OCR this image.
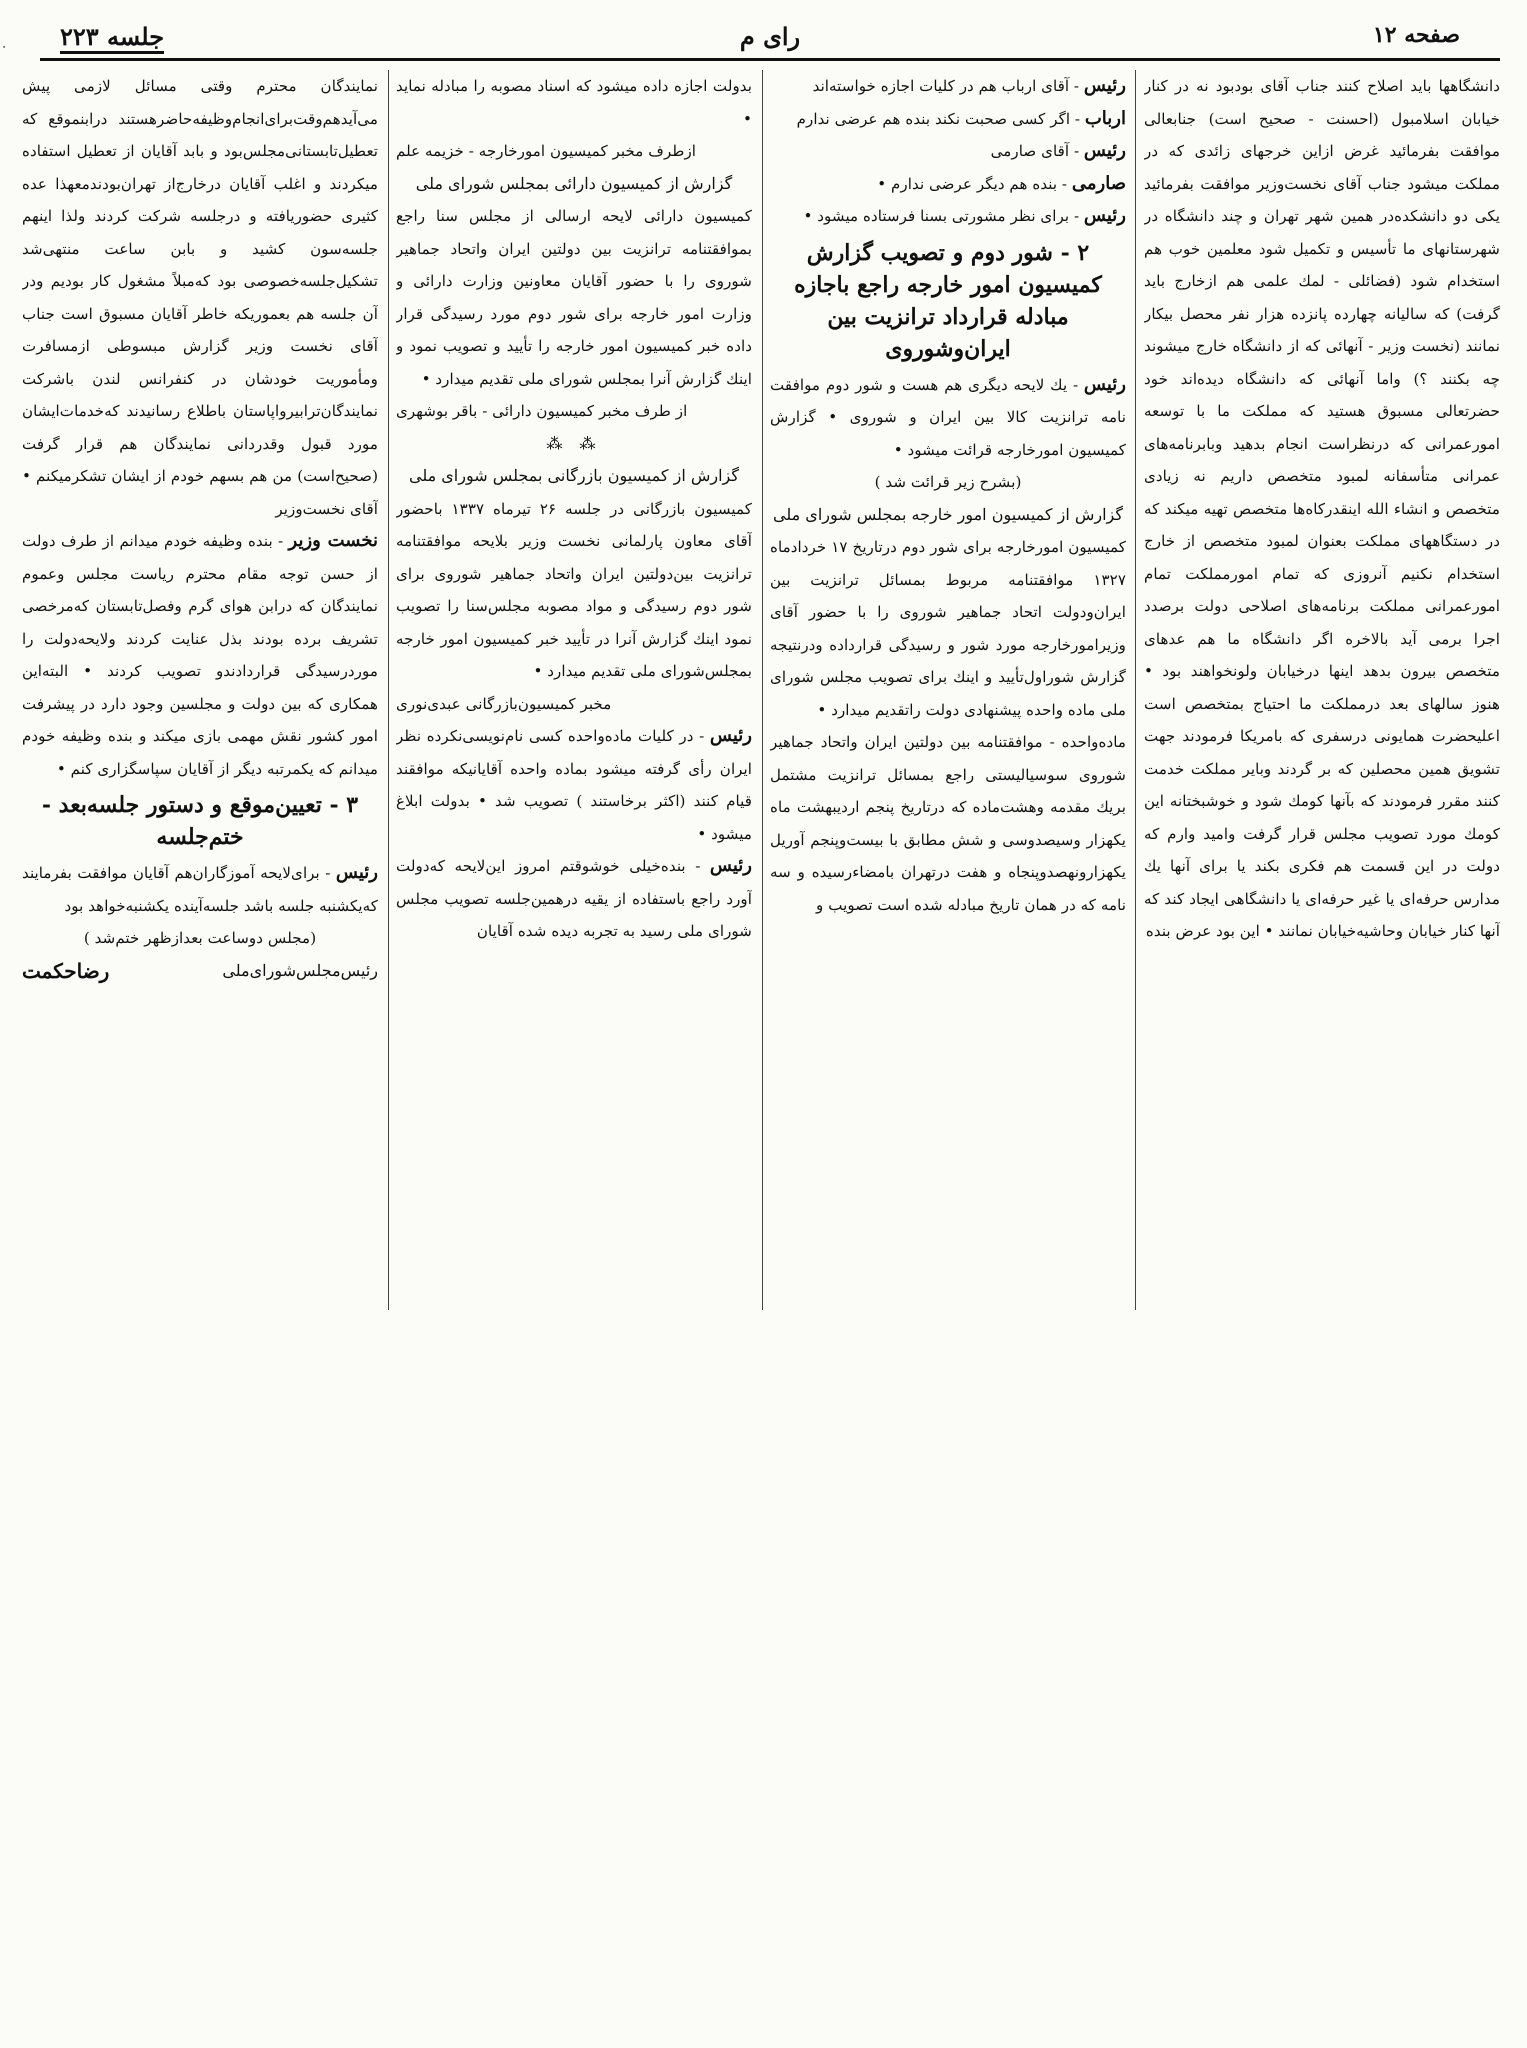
صفحه ۱۲
رای م
جلسه ۲۲۳
ᐧ

دانشگاهها باید اصلاح کنند جناب آقای بودبود نه در کنار خیابان اسلامبول (احسنت - صحیح است) جنابعالی موافقت بفرمائید غرض ازاین خرجهای زائدی که در مملکت میشود جناب آقای نخست‌وزیر موافقت بفرمائید یکی دو دانشکده‌در همین شهر تهران و چند دانشگاه در شهرستانهای ما تأسیس و تکمیل شود معلمین خوب هم استخدام شود (فضائلی - لمك علمی هم ازخارج باید گرفت) که سالیانه چهارده پانزده هزار نفر محصل بیکار نمانند (نخست وزیر - آنهائی که از دانشگاه خارج میشوند چه بکنند ؟) واما آنهائی که دانشگاه دیده‌اند خود حضرتعالی مسبوق هستید که مملکت ما با توسعه امورعمرانی که درنظراست انجام بدهید وبابرنامه‌های عمرانی متأسفانه لمبود متخصص داریم نه زیادی متخصص و انشاء الله اینقدرکاه‌ها متخصص تهیه میکند که در دستگاههای مملکت بعنوان لمبود متخصص از خارج استخدام نکنیم آنروزی که تمام امورمملکت تمام امورعمرانی مملکت برنامه‌های اصلاحی دولت برصدد اجرا برمی آید بالاخره اگر دانشگاه ما هم عدهای متخصص بیرون بدهد اینها درخیابان ولونخواهند بود • هنوز سالهای بعد درمملکت ما احتیاج بمتخصص است اعلیحضرت همایونی درسفری که بامریکا فرمودند جهت تشویق همین محصلین که بر گردند وبایر مملکت خدمت کنند مقرر فرمودند که بآنها کومك شود و خوشبختانه این کومك مورد تصویب مجلس قرار گرفت وامید وارم که دولت در این قسمت هم فکری بکند یا برای آنها یك مدارس حرفه‌ای یا غیر حرفه‌ای یا دانشگاهی ایجاد کند که آنها کنار خیابان وحاشیه‌خیابان نمانند • این بود عرض بنده

رئیس - آقای ارباب هم در کلیات اجازه خواسته‌اند

ارباب - اگر کسی صحبت نکند بنده هم عرضی ندارم

رئیس - آقای صارمی

صارمی - بنده هم دیگر عرضی ندارم •

رئیس - برای نظر مشورتی بسنا فرستاده میشود •

۲ - شور دوم و تصویب گزارش کمیسیون امور خارجه راجع باجازه مبادله قرارداد ترانزیت بین ایران‌وشوروی

رئیس - یك لایحه دیگری هم هست و شور دوم موافقت نامه ترانزیت کالا بین ایران و شوروی • گزارش کمیسیون امورخارجه قرائت میشود •

(بشرح زیر قرائت شد )

گزارش از کمیسیون امور خارجه بمجلس شورای ملی

کمیسیون امورخارجه برای شور دوم درتاریخ ۱۷ خردادماه ۱۳۲۷ موافقتنامه مربوط بمسائل ترانزیت بین ایران‌ودولت اتحاد جماهیر شوروی را با حضور آقای وزیرامورخارجه مورد شور و رسیدگی قرارداده ودرنتیجه گزارش شوراول‌تأیید و اینك برای تصویب مجلس شورای ملی ماده واحده پیشنهادی دولت راتقدیم میدارد •

ماده‌واحده - موافقتنامه بین دولتین ایران واتحاد جماهیر شوروی سوسیالیستی راجع بمسائل ترانزیت مشتمل بریك مقدمه وهشت‌ماده که درتاریخ پنجم اردیبهشت ماه یکهزار وسیصدوسی و شش مطابق با بیست‌وپنجم آوریل یکهزارونهصدوپنجاه و هفت درتهران بامضاءرسیده و سه نامه که در همان تاریخ مبادله شده است تصویب و

بدولت اجازه داده میشود که اسناد مصوبه را مبادله نماید •

ازطرف مخبر کمیسیون امورخارجه - خزیمه علم

گزارش از کمیسیون دارائی بمجلس شورای ملی

کمیسیون دارائی لایحه ارسالی از مجلس سنا راجع بموافقتنامه ترانزیت بین دولتین ایران واتحاد جماهیر شوروی را با حضور آقایان معاونین وزارت دارائی و وزارت امور خارجه برای شور دوم مورد رسیدگی قرار داده خبر کمیسیون امور خارجه را تأیید و تصویب نمود و اینك گزارش آنرا بمجلس شورای ملی تقدیم میدارد •

از طرف مخبر کمیسیون دارائی - باقر بوشهری

⁂ ⁂

گزارش از کمیسیون بازرگانی بمجلس شورای ملی

کمیسیون بازرگانی در جلسه ۲۶ تیرماه ۱۳۳۷ باحضور آقای معاون پارلمانی نخست وزیر بلایحه موافقتنامه ترانزیت بین‌دولتین ایران واتحاد جماهیر شوروی برای شور دوم رسیدگی و مواد مصوبه مجلس‌سنا را تصویب نمود اینك گزارش آنرا در تأیید خبر کمیسیون امور خارجه بمجلس‌شورای ملی تقدیم میدارد •

مخبر کمیسیون‌بازرگانی عبدی‌نوری

رئیس - در کلیات ماده‌واحده کسی نام‌نویسی‌نکرده نظر ایران رأی گرفته میشود بماده واحده آقایانیکه موافقند قیام کنند (اکثر برخاستند ) تصویب شد • بدولت ابلاغ میشود •

رئیس - بنده‌خیلی خوشوقتم امروز این‌لایحه که‌دولت آورد راجع باستفاده از یقیه درهمین‌جلسه تصویب مجلس شورای ملی رسید به تجربه دیده شده آقایان

نمایندگان محترم وقتی مسائل لازمی پیش می‌آیدهم‌وقت‌برای‌انجام‌وظیفه‌حاضرهستند درابنموقع که تعطیل‌تابستانی‌مجلس‌بود و بابد آقایان از تعطیل استفاده میکردند و اغلب آقایان درخارج‌از تهران‌بودند‌معهذا عده کثیری حضوریافته و درجلسه شرکت کردند ولذا اینهم جلسه‌سون کشید و بابن ساعت منتهی‌شد تشکیل‌جلسه‌خصوصی بود که‌مبلاً مشغول کار بودیم ودر آن جلسه هم بعموریکه خاطر آقایان مسبوق است جناب آقای نخست وزیر گزارش مبسوطی ازمسافرت ومأموریت خودشان در کنفرانس لندن باشرکت نمایندگان‌ترابیرو‌اپاستان باطلاع رسانیدند که‌خدمات‌ایشان مورد قبول وقدردانی نمایندگان هم قرار گرفت (صحیح‌است) من هم بسهم خودم از ایشان تشکرمیکنم • آقای نخست‌وزیر

نخست وزیر - بنده وظیفه خودم میدانم از طرف دولت از حسن توجه مقام محترم ریاست مجلس وعموم نمایندگان که درابن هوای گرم وفصل‌تابستان که‌مرخصی تشریف برده بودند بذل عنایت کردند ولایحه‌دولت را موردرسیدگی قراردادندو تصویب کردند • البته‌این همکاری که بین دولت و مجلسین وجود دارد در پیشرفت امور کشور نقش مهمی بازی میکند و بنده وظیفه خودم میدانم که یکمرتبه دیگر از آقایان سپاسگزاری کنم •

۳ - تعیین‌موقع و دستور جلسه‌بعد - ختم‌جلسه

رئیس - برای‌لایحه آموزگاران‌هم آقایان موافقت بفرمایند که‌یکشنبه جلسه باشد جلسه‌آینده یکشنبه‌خواهد بود

(مجلس دوساعت بعدازظهر ختم‌شد )

رئیس‌مجلس‌شورای‌ملی
رضاحکمت
